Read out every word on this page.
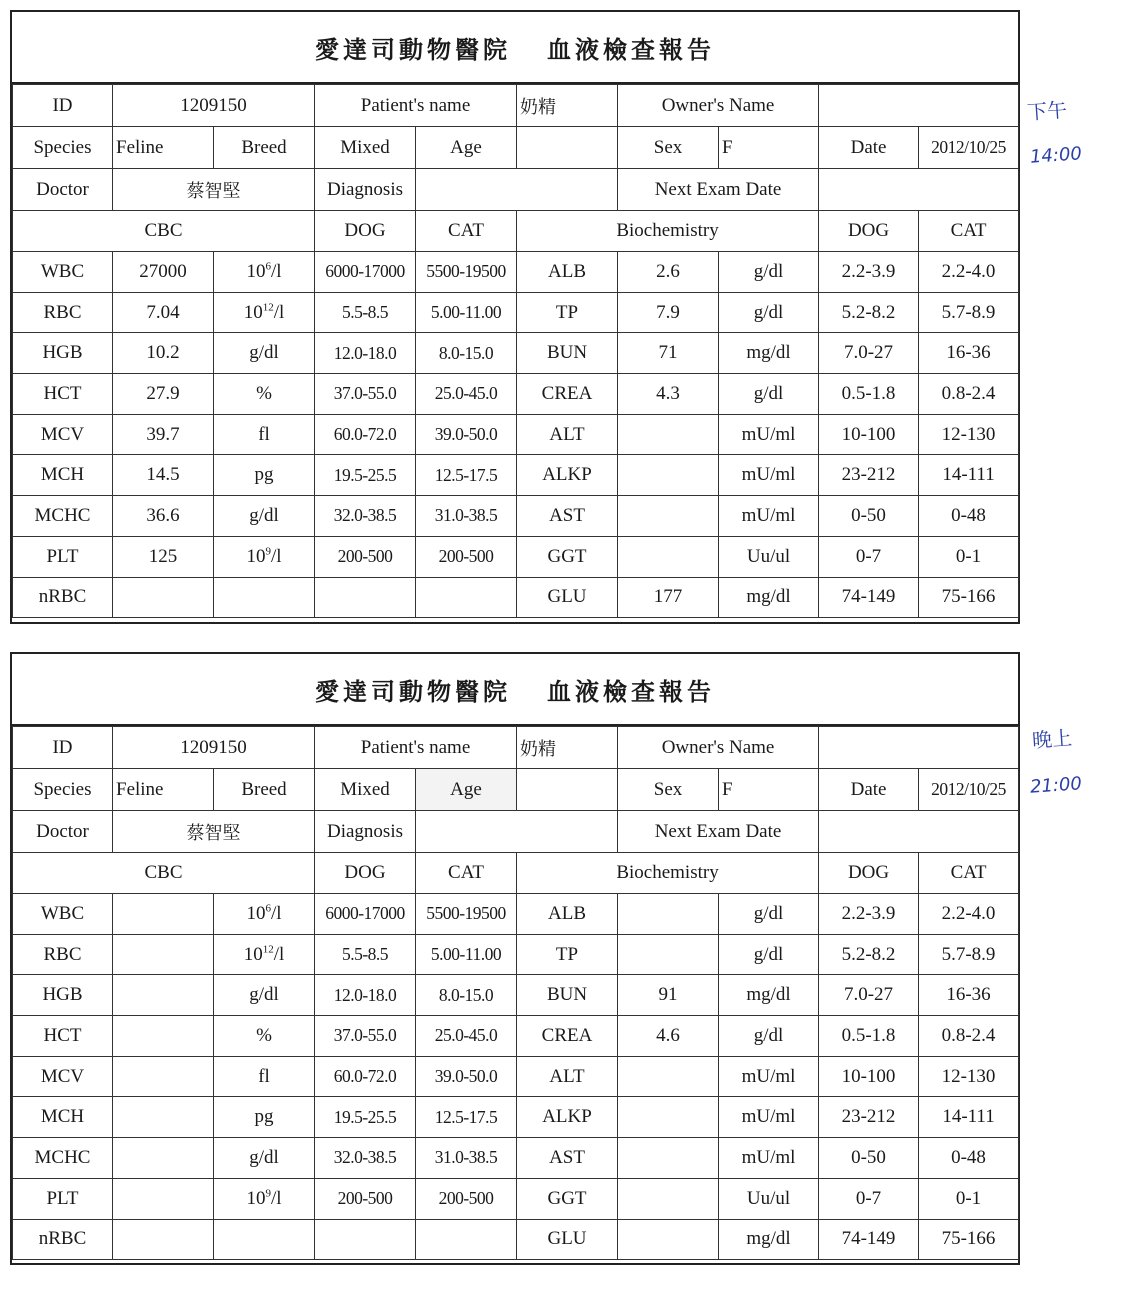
愛達司動物醫院 血液檢查報告
ID	1209150		Patient's name		奶精	Owner's Name			
Species	Feline	Breed	Mixed	Age		Sex	F	Date	2012/10/25
Doctor	蔡智堅		Diagnosis			Next Exam Date			
CBC			DOG	CAT	Biochemistry			DOG	CAT
WBC	27000	$10^6/l$	6000-17000	5500-19500	ALB	2.6	g/dl	2.2-3.9	2.2-4.0
RBC	7.04	$10^{12}/l$	5.5-8.5	5.00-11.00	TP	7.9	g/dl	5.2-8.2	5.7-8.9
HGB	10.2	g/dl	12.0-18.0	8.0-15.0	BUN	71	mg/dl	7.0-27	16-36
HCT	27.9	%	37.0-55.0	25.0-45.0	CREA	4.3	g/dl	0.5-1.8	0.8-2.4
MCV	39.7	fl	60.0-72.0	39.0-50.0	ALT		mU/ml	10-100	12-130
MCH	14.5	pg	19.5-25.5	12.5-17.5	ALKP		mU/ml	23-212	14-111
MCHC	36.6	g/dl	32.0-38.5	31.0-38.5	AST		mU/ml	0-50	0-48
PLT	125	$10^9/l$	200-500	200-500	GGT		Uu/ul	0-7	0-1
nRBC					GLU	177	mg/dl	74-149	75-166
下午
14:00
愛達司動物醫院 血液檢查報告
ID	1209150		Patient's name		奶精	Owner's Name			
Species	Feline	Breed	Mixed	Age		Sex	F	Date	2012/10/25
Doctor	蔡智堅		Diagnosis			Next Exam Date			
CBC			DOG	CAT	Biochemistry			DOG	CAT
WBC		$10^6/l$	6000-17000	5500-19500	ALB		g/dl	2.2-3.9	2.2-4.0
RBC		$10^{12}/l$	5.5-8.5	5.00-11.00	TP		g/dl	5.2-8.2	5.7-8.9
HGB		g/dl	12.0-18.0	8.0-15.0	BUN	91	mg/dl	7.0-27	16-36
HCT		%	37.0-55.0	25.0-45.0	CREA	4.6	g/dl	0.5-1.8	0.8-2.4
MCV		fl	60.0-72.0	39.0-50.0	ALT		mU/ml	10-100	12-130
MCH		pg	19.5-25.5	12.5-17.5	ALKP		mU/ml	23-212	14-111
MCHC		g/dl	32.0-38.5	31.0-38.5	AST		mU/ml	0-50	0-48
PLT		$10^9/l$	200-500	200-500	GGT		Uu/ul	0-7	0-1
nRBC					GLU		mg/dl	74-149	75-166
晚上
21:00
